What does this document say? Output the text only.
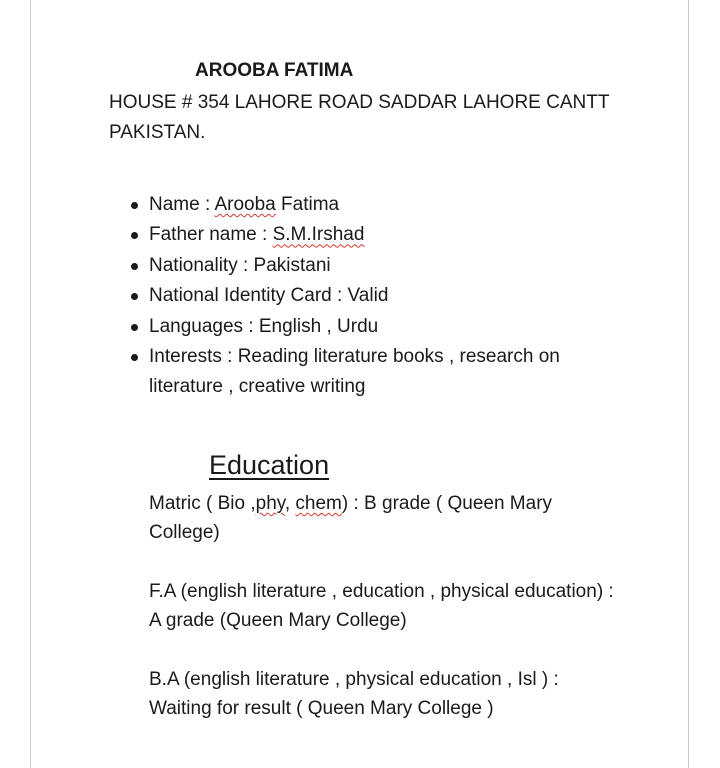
AROOBA FATIMA
HOUSE # 354 LAHORE ROAD SADDAR LAHORE CANTT PAKISTAN.
Name : Arooba Fatima
Father name : S.M.Irshad
Nationality : Pakistani
National Identity Card : Valid
Languages : English , Urdu
Interests : Reading literature books , research on literature , creative writing
Education
Matric ( Bio ,phy, chem) : B grade ( Queen Mary College)
F.A (english literature , education , physical education) : A grade (Queen Mary College)
B.A (english literature , physical education , Isl ) : Waiting for result ( Queen Mary College )
